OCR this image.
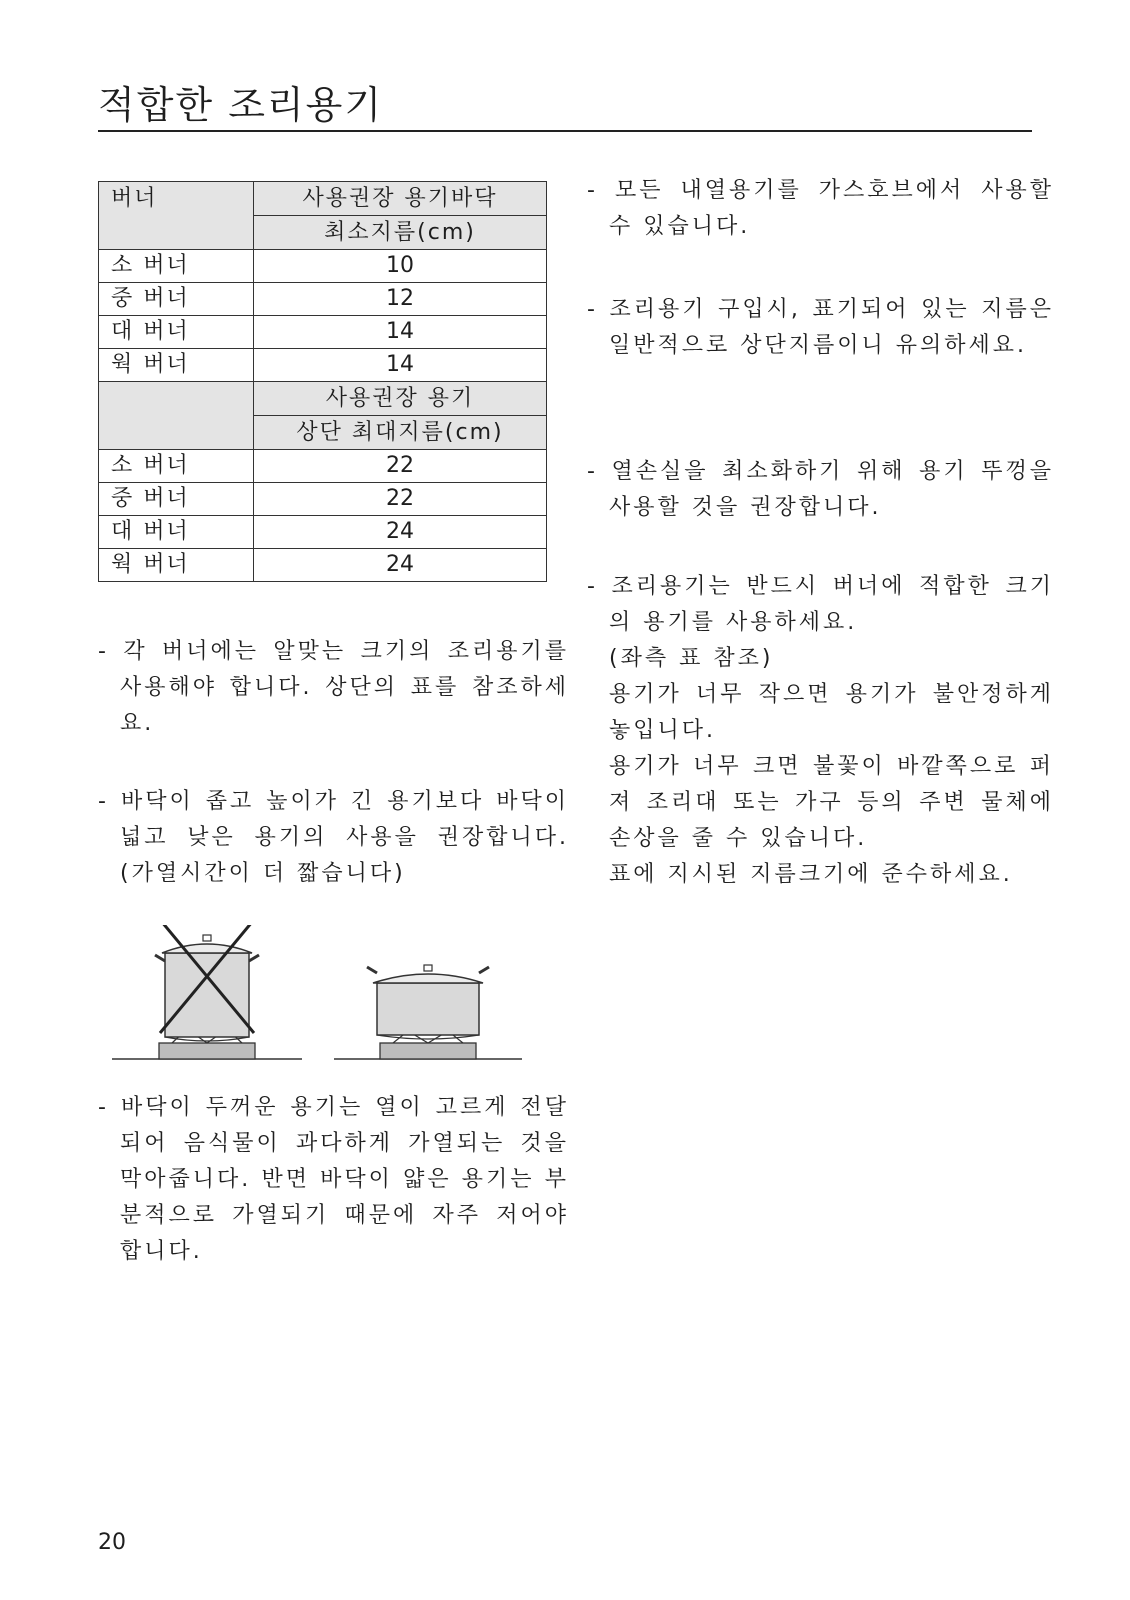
적합한 조리용기
버너	사용권장 용기바닥
	최소지름(cm)
소 버너	10
중 버너	12
대 버너	14
웍 버너	14
	사용권장 용기
	상단 최대지름(cm)
소 버너	22
중 버너	22
대 버너	24
웍 버너	24
- 각 버너에는 알맞는 크기의 조리용기를 사용해야 합니다. 상단의 표를 참조하세요.
- 바닥이 좁고 높이가 긴 용기보다 바닥이 넓고 낮은 용기의 사용을 권장합니다. (가열시간이 더 짧습니다)
- 바닥이 두꺼운 용기는 열이 고르게 전달되어 음식물이 과다하게 가열되는 것을 막아줍니다. 반면 바닥이 얇은 용기는 부분적으로 가열되기 때문에 자주 저어야 합니다.
- 모든 내열용기를 가스호브에서 사용할 수 있습니다.
- 조리용기 구입시, 표기되어 있는 지름은 일반적으로 상단지름이니 유의하세요.
- 열손실을 최소화하기 위해 용기 뚜껑을 사용할 것을 권장합니다.
- 조리용기는 반드시 버너에 적합한 크기의 용기를 사용하세요.
(좌측 표 참조)
용기가 너무 작으면 용기가 불안정하게 놓입니다.
용기가 너무 크면 불꽃이 바깥쪽으로 퍼져 조리대 또는 가구 등의 주변 물체에 손상을 줄 수 있습니다.
표에 지시된 지름크기에 준수하세요.
20
